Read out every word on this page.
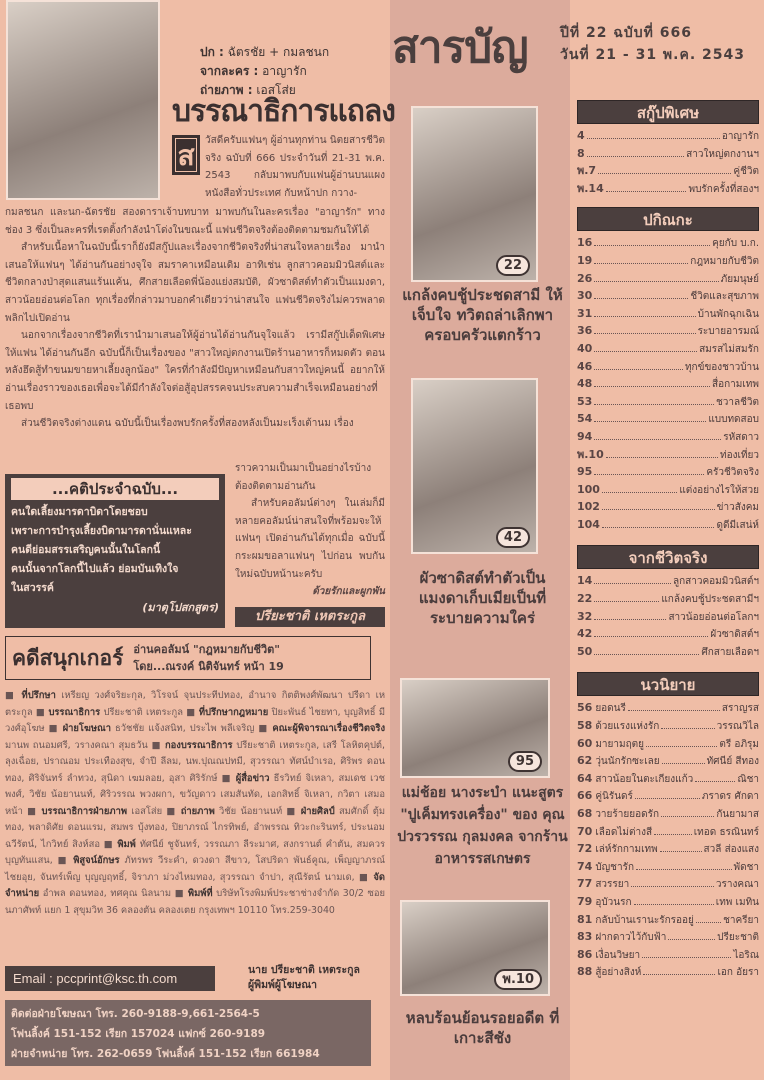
ปก : ฉัตรชัย + กมลชนก
จากละคร : อาญารัก
ถ่ายภาพ : เอสโส่ย
บรรณาธิการแถลง
ส	วัสดีครับแฟนๆ ผู้อ่านทุกท่าน นิตยสารชีวิตจริง ฉบับที่ 666 ประจำวันที่ 21-31 พ.ค. 2543 กลับมาพบกับแฟนผู้อ่านบนแผงหนังสือทั่วประเทศ กับหน้าปก กวาง-
กมลชนก และนก-ฉัตรชัย สองดาราเจ้าบทบาท มาพบกันในละครเรื่อง "อาญารัก" ทางช่อง 3 ซึ่งเป็นละครที่เรตติ้งกำลังนำโด่งในขณะนี้ แฟนชีวิตจริงต้องติดตามชมกันให้ได้

สำหรับเนื้อหาในฉบับนี้เราก็ยังมีสกู๊ปและเรื่องจากชีวิตจริงที่น่าสนใจหลายเรื่อง มานำเสนอให้แฟนๆ ได้อ่านกันอย่างจุใจ สมราคาเหมือนเดิม อาทิเช่น ลูกสาวคอมมิวนิสต์และชีวิตกลางป่าสุดแสนแร้นแค้น, ศึกสายเลือดพี่น้องแย่งสมบัติ, ผัวซาดิสต์ทำตัวเป็นแมงดา, สาวน้อยอ่อนต่อโลก ทุกเรื่องที่กล่าวมาบอกคำเดียวว่าน่าสนใจ แฟนชีวิตจริงไม่ควรพลาดพลิกไปเปิดอ่าน

นอกจากเรื่องจากชีวิตที่เรานำมาเสนอให้ผู้อ่านได้อ่านกันจุใจแล้ว เรามีสกู๊ปเด็ดพิเศษให้แฟน ได้อ่านกันอีก ฉบับนี้ก็เป็นเรื่องของ "สาวใหญ่ตกงานเปิดร้านอาหารก็หมดตัว ตอนหลังฮึดสู้ทำขนมขายหาเลี้ยงลูกน้อง" ใครที่กำลังมีปัญหาเหมือนกับสาวใหญ่คนนี้ อยากให้อ่านเรื่องราวของเธอเพื่อจะได้มีกำลังใจต่อสู้อุปสรรคจนประสบความสำเร็จเหมือนอย่างที่เธอพบ

ส่วนชีวิตจริงต่างแดน ฉบับนี้เป็นเรื่องพบรักครั้งที่สองหลังเป็นมะเร็งเต้านม เรื่อง

ราวความเป็นมาเป็นอย่างไรบ้างต้องติดตามอ่านกัน

สำหรับคอลัมน์ต่างๆ ในเล่มก็มีหลายคอลัมน์น่าสนใจที่พร้อมจะให้แฟนๆ เปิดอ่านกันได้ทุกเมื่อ ฉบับนี้กระผมขอลาแฟนๆ ไปก่อน พบกันใหม่ฉบับหน้านะครับ

ด้วยรักและผูกพัน
ปรียะชาติ เหตระกูล
...คติประจำฉบับ...
คนใดเลี้ยงมารดาบิดาโดยชอบ
เพราะการบำรุงเลี้ยงบิดามารดานั่นแหละ
คนดีย่อมสรรเสริญคนนั้นในโลกนี้
คนนั้นจากโลกนี้ไปแล้ว ย่อมบันเทิงใจ
ในสวรรค์
(มาตุโปสกสูตร)
คดีสนุกเกอร์ อ่านคอลัมน์ "กฎหมายกับชีวิต"
โดย...ณรงค์ นิติจันทร์ หน้า 19
■ ที่ปรึกษา เหรียญ วงศ์จริยะกุล, วิโรจน์ จุนประทีปทอง, อำนาจ กิตติพงศ์พัฒนา ปรีดา เหตระกูล ■ บรรณาธิการ ปรียะชาติ เหตระกูล ■ ที่ปรึกษากฎหมาย ปิยะพันธ์ ไชยทา, บุญสิทธิ์ มีวงศ์อุโฆษ ■ ฝ่ายโฆษณา ธวัชชัย แจ้งสนิท, ประไพ พลีเจริญ ■ คณะผู้พิจารณาเรื่องชีวิตจริง มานพ ถนอมศรี, วรางคณา สุมธวัน ■ กองบรรณาธิการ ปรียะชาติ เหตระกูล, เสรี โลหิตคุปต์, ลุงเฉื่อย, ปราณอม ประเทืองสุข, จำปี ลีลม, นพ.ปุณณปทมี, สุวรรณา ทัศน์บำเรอ, ศิริพร ดอนทอง, ศิริจันทร์ ลำทวง, สุนิดา เฆมลอย, อุสา ศิริรักษ์ ■ ผู้สื่อข่าว ธีรวิทย์ จิเหลา, สมเดช เวชพงศ์, วิชัย น้อยานนท์, ศิริวรรณ พวงผกา, ขวัญดาว เสมสันทัด, เอกสิทธิ์ จิเหลา, กวิตา เสมอหน้า ■ บรรณาธิการฝ่ายภาพ เอสโส่ย ■ ถ่ายภาพ วิชัย น้อยานนท์ ■ ฝ่ายศิลป์ สมศักดิ์ ตุ้มทอง, พลาดิศัย ดอนแรม, สมพร บุ้งทอง, ปิยาภรณ์ ไกรทิพย์, อำพรรณ ทิวะกะรินทร์, ประนอม ฉวีรัตน์, ไกวิทย์ สิงห์สอ ■ พิมพ์ ทัศนีย์ ชูจันทร์, วรรณภา ลีระมาศ, สงกรานต์ คำตัน, สมควร บุญทันแสน, ■ พิสูจน์อักษร ภัทรพร วีระคำ, ดวงดา สีขาว, โสปริดา พันธ์คูณ, เพ็ญญาภรณ์ ไชยอุย, จันทร์เพ็ญ บุญญฤทธิ์, จิราภา ม่วงไหมทอง, สุวรรณา จำปา, สุณีรัตน์ นามเด, ■ จัดจำหน่าย อำพล ดอนทอง, ทศคุณ นิลนาม ■ พิมพ์ที่ บริษัทโรงพิมพ์ประชาช่างจำกัด 30/2 ซอยนภาศัพท์ แยก 1 สุขุมวิท 36 คลองตัน คลองเตย กรุงเทพฯ 10110 โทร.259-3040
Email : pccprint@ksc.th.com
นาย ปรียะชาติ เหตระกูล
ผู้พิมพ์ผู้โฆษณา
ติดต่อฝ่ายโฆษณา โทร. 260-9188-9,661-2564-5
โฟนลิ้งค์ 151-152 เรียก 157024 แฟกซ์ 260-9189
ฝ่ายจำหน่าย โทร. 262-0659 โฟนลิ้งค์ 151-152 เรียก 661984
สารบัญ ปีที่ 22 ฉบับที่ 666
วันที่ 21 - 31 พ.ค. 2543
22
แกล้งคบชู้ประชดสามี ให้เจ็บใจ ทวิตถล่าเลิกพา ครอบครัวแตกร้าว
42
ผัวซาดิสต์ทำตัวเป็น แมงดาเก็บเมียเป็นที่ ระบายความใคร่
95
แม่ช้อย นางระบำ แนะสูตร "ปูเค็มทรงเครื่อง" ของ คุณปวรวรรณ กุลมงคล จากร้านอาหารรสเกษตร
พ.10
หลบร้อนย้อนรอยอดีต ที่เกาะสีชัง
สกู๊ปพิเศษ
4	อาญารัก
8	สาวใหญ่ตกงานฯ
พ.7	คู่ชีวิต
พ.14	พบรักครั้งที่สองฯ
ปกิณกะ
16	คุยกับ บ.ก.
19	กฎหมายกับชีวิต
26	ภัยมนุษย์
30	ชีวิตและสุขภาพ
31	บ้านพักฉุกเฉิน
36	ระบายอารมณ์
40	สมรสไม่สมรัก
46	ทุกข์ของชาวบ้าน
48	สื่อกามเทพ
53	ชวาลชีวิต
54	แบบทดสอบ
94	รหัสดาว
พ.10	ท่องเที่ยว
95	ครัวชีวิตจริง
100	แต่งอย่างไรให้สวย
102	ข่าวสังคม
104	ดูดีมีเสน่ห์
จากชีวิตจริง
14	ลูกสาวคอมมิวนิสต์ฯ
22	แกล้งคบชู้ประชดสามีฯ
32	สาวน้อยอ่อนต่อโลกฯ
42	ผัวซาดิสต์ฯ
50	ศึกสายเลือดฯ
นวนิยาย
56 ยอดนรี	สราญรส
58 ด้วยแรงแห่งรัก	วรรณวิไล
60 มายามฤตยู	ตรี อภิรุม
62 วุ่นนักรักซะเลย	ทัศนีย์ สีทอง
64 สาวน้อยในตะเกียงแก้ว	ณิชา
66 คู่นิรันดร์	ภราดร ศักดา
68 วายร้ายยอดรัก	กันยามาส
70 เลือดไม่ต่างสี	เทอด ธรณินทร์
72 เล่ห์รักกามเทพ	สวลี ส่องแสง
74 บัญชารัก	พัดชา
77 สวรรยา	วรางคณา
79 อุบัวนรก	เทพ เมทิน
81 กลับบ้านเรานะรักรออยู่	ชาครียา
83 ฝากดาวไว้กับฟ้า	ปรียะชาติ
86 เงื่อนวิษยา	ไอริณ
88 สู้อย่างสิงห์	เอก อัยรา
